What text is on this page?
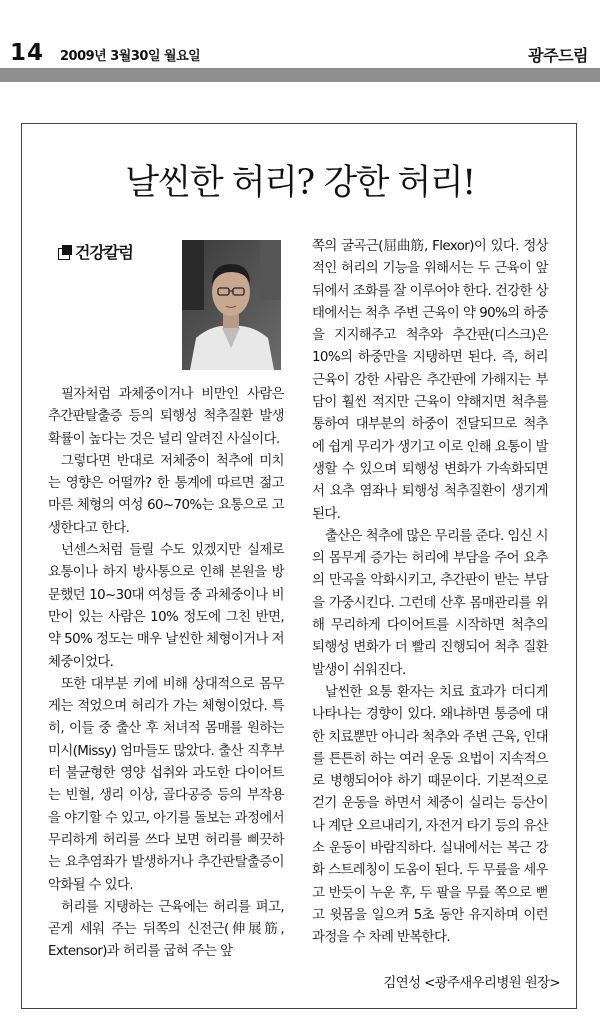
14 2009년 3월30일 월요일	광주드림
날씬한 허리? 강한 허리!
건강칼럼

필자처럼 과체중이거나 비만인 사람은 추간판탈출증 등의 퇴행성 척추질환 발생 확률이 높다는 것은 널리 알려진 사실이다.

그렇다면 반대로 저체중이 척추에 미치는 영향은 어떨까? 한 통계에 따르면 젊고 마른 체형의 여성 60~70%는 요통으로 고생한다고 한다.

넌센스처럼 들릴 수도 있겠지만 실제로 요통이나 하지 방사통으로 인해 본원을 방문했던 10~30대 여성들 중 과체중이나 비만이 있는 사람은 10% 정도에 그친 반면, 약 50% 정도는 매우 날씬한 체형이거나 저체중이었다.

또한 대부분 키에 비해 상대적으로 몸무게는 적었으며 허리가 가는 체형이었다. 특히, 이들 중 출산 후 처녀적 몸매를 원하는 미시(Missy) 엄마들도 많았다. 출산 직후부터 불균형한 영양 섭취와 과도한 다이어트는 빈혈, 생리 이상, 골다공증 등의 부작용을 야기할 수 있고, 아기를 돌보는 과정에서 무리하게 허리를 쓰다 보면 허리를 삐끗하는 요추염좌가 발생하거나 추간판탈출증이 악화될 수 있다.

허리를 지탱하는 근육에는 허리를 펴고, 곧게 세워 주는 뒤쪽의 신전근(伸展筋, Extensor)과 허리를 굽혀 주는 앞

쪽의 굴곡근(屈曲筋, Flexor)이 있다. 정상적인 허리의 기능을 위해서는 두 근육이 앞뒤에서 조화를 잘 이루어야 한다. 건강한 상태에서는 척추 주변 근육이 약 90%의 하중을 지지해주고 척추와 추간판(디스크)은 10%의 하중만을 지탱하면 된다. 즉, 허리 근육이 강한 사람은 추간판에 가해지는 부담이 훨씬 적지만 근육이 약해지면 척추를 통하여 대부분의 하중이 전달되므로 척추에 쉽게 무리가 생기고 이로 인해 요통이 발생할 수 있으며 퇴행성 변화가 가속화되면서 요추 염좌나 퇴행성 척추질환이 생기게 된다.

출산은 척추에 많은 무리를 준다. 임신 시의 몸무게 증가는 허리에 부담을 주어 요추의 만곡을 악화시키고, 추간판이 받는 부담을 가중시킨다. 그런데 산후 몸매관리를 위해 무리하게 다이어트를 시작하면 척추의 퇴행성 변화가 더 빨리 진행되어 척추 질환 발생이 쉬워진다.

날씬한 요통 환자는 치료 효과가 더디게 나타나는 경향이 있다. 왜냐하면 통증에 대한 치료뿐만 아니라 척추와 주변 근육, 인대를 튼튼히 하는 여러 운동 요법이 지속적으로 병행되어야 하기 때문이다. 기본적으로 걷기 운동을 하면서 체중이 실리는 등산이나 계단 오르내리기, 자전거 타기 등의 유산소 운동이 바람직하다. 실내에서는 복근 강화 스트레칭이 도움이 된다. 두 무릎을 세우고 반듯이 누운 후, 두 팔을 무릎 쪽으로 뻗고 윗몸을 일으켜 5초 동안 유지하며 이런 과정을 수 차례 반복한다.

김연성 <광주새우리병원 원장>
